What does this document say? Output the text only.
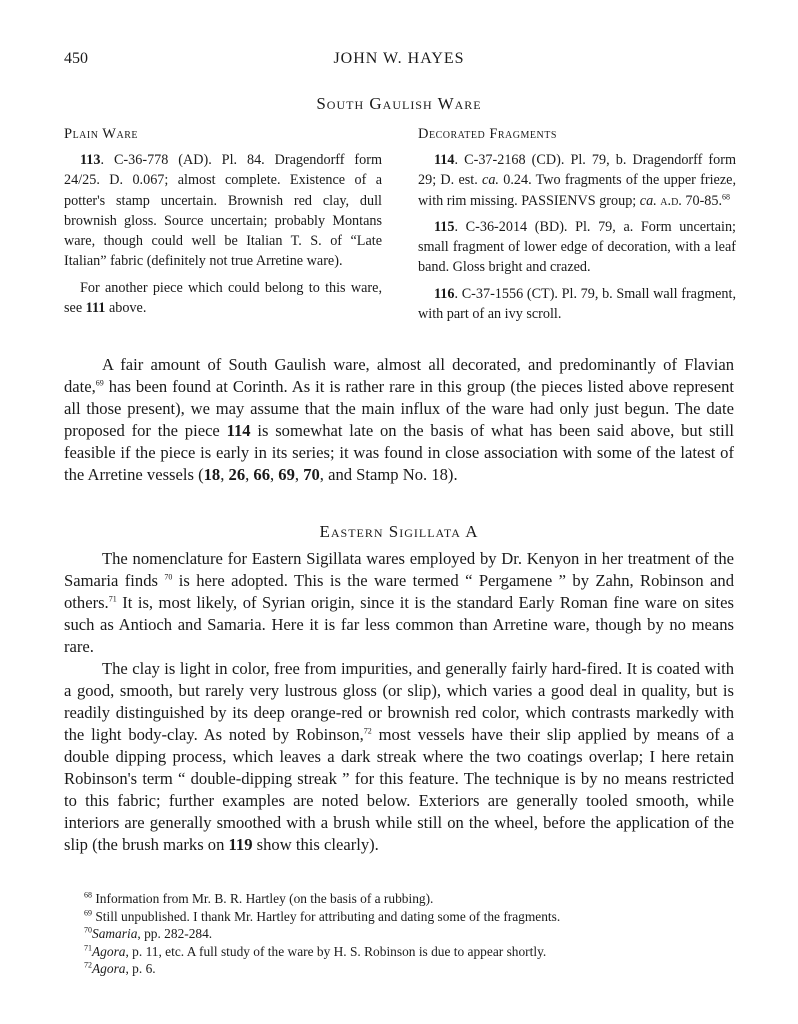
450	JOHN W. HAYES
South Gaulish Ware
Plain Ware

113. C-36-778 (AD). Pl. 84. Dragendorff form 24/25. D. 0.067; almost complete. Existence of a potter's stamp uncertain. Brownish red clay, dull brownish gloss. Source uncertain; probably Montans ware, though could well be Italian T. S. of “Late Italian” fabric (definitely not true Arretine ware).

For another piece which could belong to this ware, see 111 above.

Decorated Fragments

114. C-37-2168 (CD). Pl. 79, b. Dragendorff form 29; D. est. ca. 0.24. Two fragments of the upper frieze, with rim missing. PASSIENVS group; ca. a.d. 70-85.68

115. C-36-2014 (BD). Pl. 79, a. Form uncertain; small fragment of lower edge of decoration, with a leaf band. Gloss bright and crazed.

116. C-37-1556 (CT). Pl. 79, b. Small wall fragment, with part of an ivy scroll.

A fair amount of South Gaulish ware, almost all decorated, and predominantly of Flavian date,$^{69}$ has been found at Corinth. As it is rather rare in this group (the pieces listed above represent all those present), we may assume that the main influx of the ware had only just begun. The date proposed for the piece 114 is somewhat late on the basis of what has been said above, but still feasible if the piece is early in its series; it was found in close association with some of the latest of the Arretine vessels (18, 26, 66, 69, 70, and Stamp No. 18).

Eastern Sigillata A

The nomenclature for Eastern Sigillata wares employed by Dr. Kenyon in her treatment of the Samaria finds $^{70}$ is here adopted. This is the ware termed “ Pergamene ” by Zahn, Robinson and others.$^{71}$ It is, most likely, of Syrian origin, since it is the standard Early Roman fine ware on sites such as Antioch and Samaria. Here it is far less common than Arretine ware, though by no means rare.

The clay is light in color, free from impurities, and generally fairly hard-fired. It is coated with a good, smooth, but rarely very lustrous gloss (or slip), which varies a good deal in quality, but is readily distinguished by its deep orange-red or brownish red color, which contrasts markedly with the light body-clay. As noted by Robinson,$^{72}$ most vessels have their slip applied by means of a double dipping process, which leaves a dark streak where the two coatings overlap; I here retain Robinson's term “ double-dipping streak ” for this feature. The technique is by no means restricted to this fabric; further examples are noted below. Exteriors are generally tooled smooth, while interiors are generally smoothed with a brush while still on the wheel, before the application of the slip (the brush marks on 119 show this clearly).

$^{68}$ Information from Mr. B. R. Hartley (on the basis of a rubbing).
$^{69}$ Still unpublished. I thank Mr. Hartley for attributing and dating some of the fragments.
$^{70}$Samaria, pp. 282-284.
$^{71}$Agora, p. 11, etc. A full study of the ware by H. S. Robinson is due to appear shortly.
$^{72}$Agora, p. 6.
